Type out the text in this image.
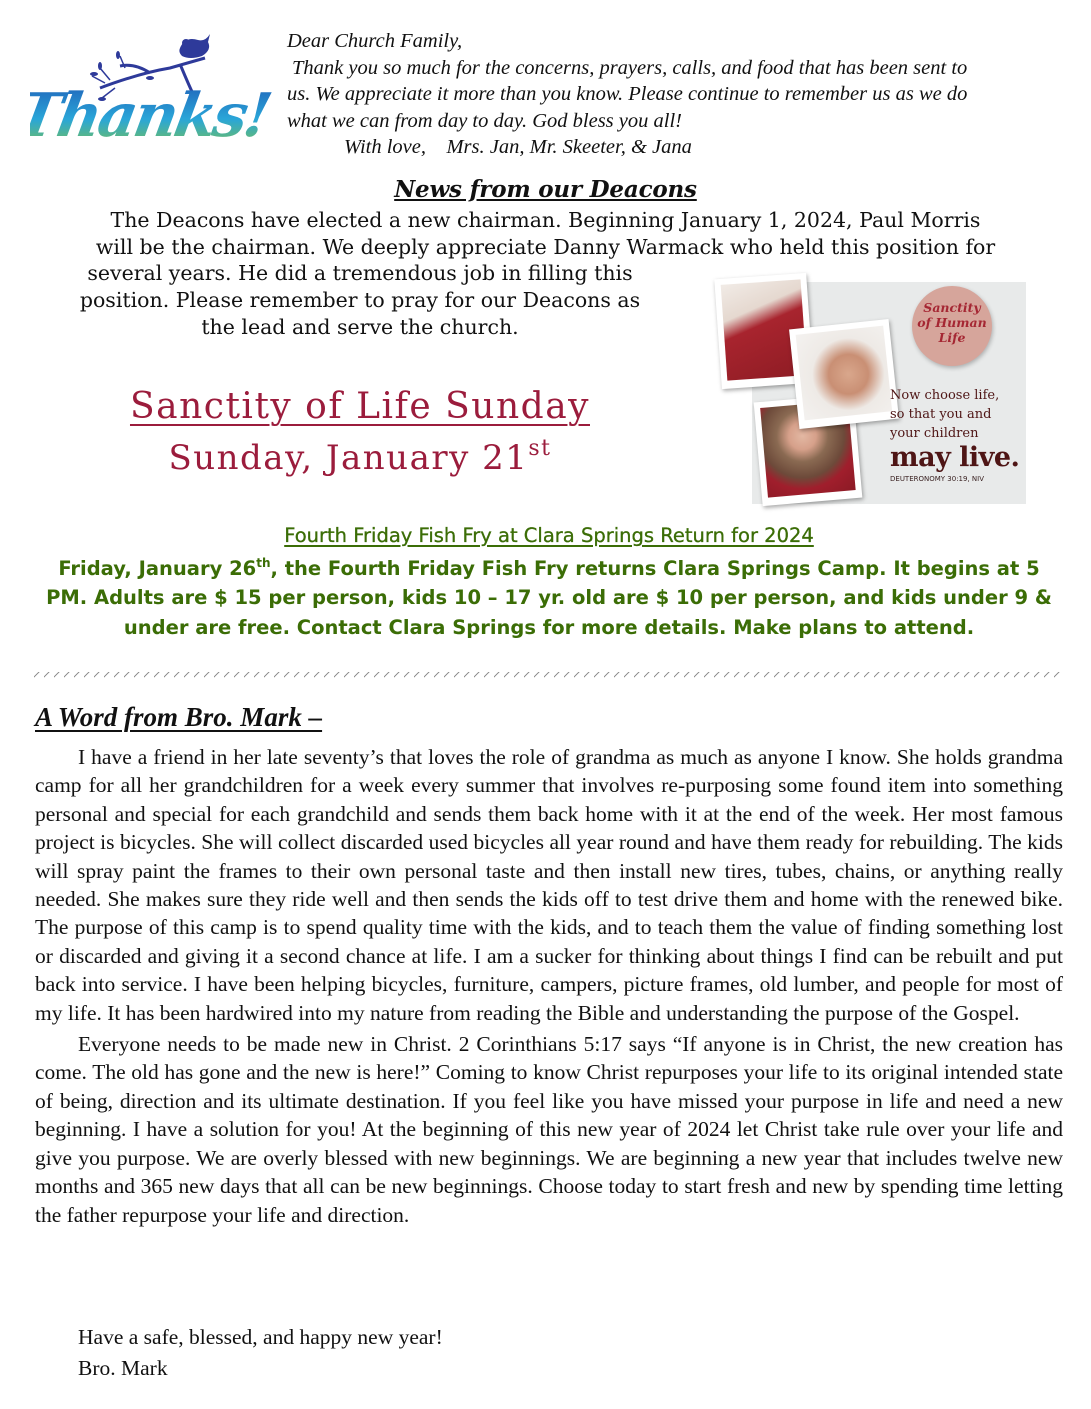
Thanks!

Dear Church Family,

Thank you so much for the concerns, prayers, calls, and food that has been sent to

us. We appreciate it more than you know. Please continue to remember us as we do

what we can from day to day. God bless you all!

With love, Mrs. Jan, Mr. Skeeter, & Jana

News from our Deacons
The Deacons have elected a new chairman. Beginning January 1, 2024, Paul Morris
will be the chairman. We deeply appreciate Danny Warmack who held this position for
several years. He did a tremendous job in filling this
position. Please remember to pray for our Deacons as
the lead and serve the church.
Sanctity of Life Sunday
Sunday, January 21st
Sanctity
of Human
Life
Now choose life,
so that you and
your children
may live.
DEUTERONOMY 30:19, NIV
Fourth Friday Fish Fry at Clara Springs Return for 2024
Friday, January 26th, the Fourth Friday Fish Fry returns Clara Springs Camp. It begins at 5
PM. Adults are $ 15 per person, kids 10 – 17 yr. old are $ 10 per person, and kids under 9 &
under are free. Contact Clara Springs for more details. Make plans to attend.
A Word from Bro. Mark –

I have a friend in her late seventy’s that loves the role of grandma as much as anyone I know. She holds grandma camp for all her grandchildren for a week every summer that involves re-purposing some found item into something personal and special for each grandchild and sends them back home with it at the end of the week. Her most famous project is bicycles. She will collect discarded used bicycles all year round and have them ready for rebuilding. The kids will spray paint the frames to their own personal taste and then install new tires, tubes, chains, or anything really needed. She makes sure they ride well and then sends the kids off to test drive them and home with the renewed bike. The purpose of this camp is to spend quality time with the kids, and to teach them the value of finding something lost or discarded and giving it a second chance at life. I am a sucker for thinking about things I find can be rebuilt and put back into service. I have been helping bicycles, furniture, campers, picture frames, old lumber, and people for most of my life. It has been hardwired into my nature from reading the Bible and understanding the purpose of the Gospel.

Everyone needs to be made new in Christ. 2 Corinthians 5:17 says “If anyone is in Christ, the new creation has come. The old has gone and the new is here!” Coming to know Christ repurposes your life to its original intended state of being, direction and its ultimate destination. If you feel like you have missed your purpose in life and need a new beginning. I have a solution for you! At the beginning of this new year of 2024 let Christ take rule over your life and give you purpose. We are overly blessed with new beginnings. We are beginning a new year that includes twelve new months and 365 new days that all can be new beginnings. Choose today to start fresh and new by spending time letting the father repurpose your life and direction.

Have a safe, blessed, and happy new year!
Bro. Mark
